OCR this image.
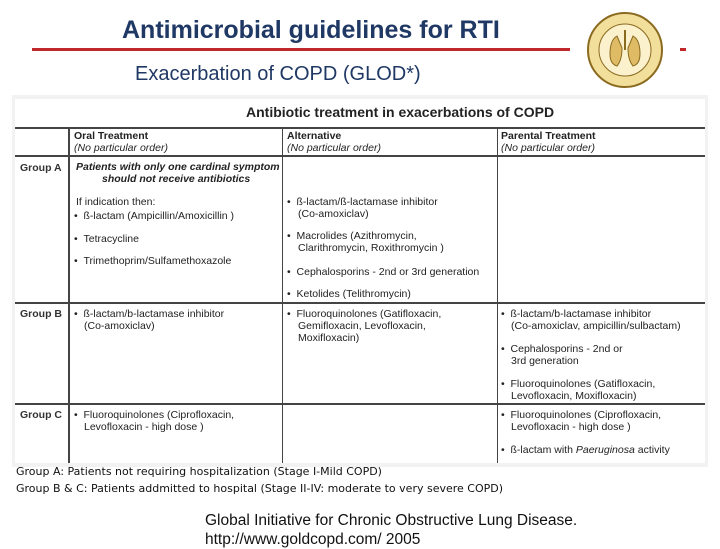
Antimicrobial guidelines for RTI
Exacerbation of COPD (GLOD*)
Antibiotic treatment in exacerbations of COPD
Oral Treatment
(No particular order)
Alternative
(No particular order)
Parental Treatment
(No particular order)
Group A
Group B
Group C
Patients with only one cardinal symptom
should not receive antibiotics
If indication then:
•  ß-lactam (Ampicillin/Amoxicillin )
•  Tetracycline
•  Trimethoprim/Sulfamethoxazole
•  ß-lactam/ß-lactamase inhibitor
(Co-amoxiclav)
•  Macrolides (Azithromycin,
Clarithromycin, Roxithromycin )
•  Cephalosporins - 2nd or 3rd generation
•  Ketolides (Telithromycin)
•  ß-lactam/b-lactamase inhibitor
(Co-amoxiclav)
•  Fluoroquinolones (Gatifloxacin,
Gemifloxacin, Levofloxacin,
Moxifloxacin)
•  ß-lactam/b-lactamase inhibitor
(Co-amoxiclav, ampicillin/sulbactam)
•  Cephalosporins - 2nd or
3rd generation
•  Fluoroquinolones (Gatifloxacin,
Levofloxacin, Moxifloxacin)
•  Fluoroquinolones (Ciprofloxacin,
Levofloxacin - high dose )
•  Fluoroquinolones (Ciprofloxacin,
Levofloxacin - high dose )
•  ß-lactam with Paeruginosa activity
Group A: Patients not requiring hospitalization (Stage I-Mild COPD)
Group B & C: Patients addmitted to hospital (Stage II-IV: moderate to very severe COPD)
Global Initiative for Chronic Obstructive Lung Disease.
http://www.goldcopd.com/ 2005
